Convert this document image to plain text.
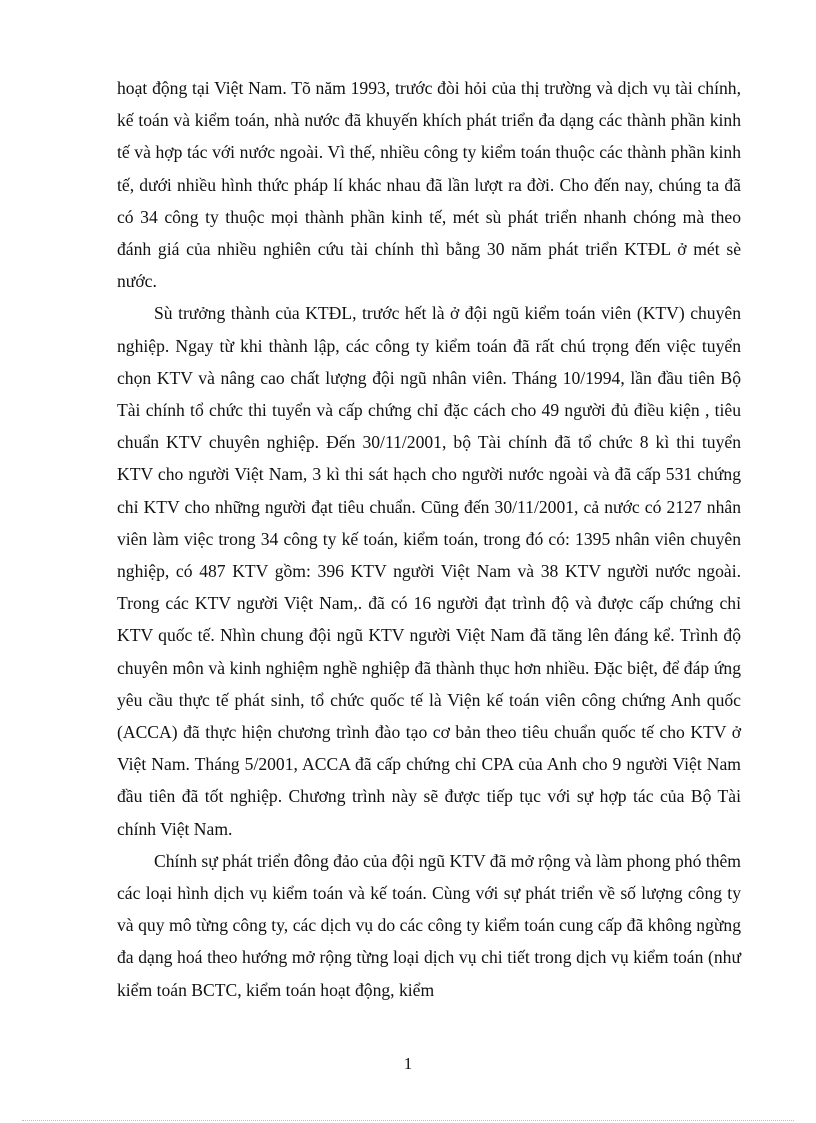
hoạt động tại Việt Nam. Tõ năm 1993, trước đòi hỏi của thị trường và dịch vụ tài chính, kế toán và kiểm toán, nhà nước đã khuyến khích phát triển đa dạng các thành phần kinh tế và hợp tác với nước ngoài. Vì thế, nhiều công ty kiểm toán thuộc các thành phần kinh tế, dưới nhiều hình thức pháp lí khác nhau đã lần lượt ra đời. Cho đến nay, chúng ta đã có 34 công ty thuộc mọi thành phần kinh tế, mét sù phát triển nhanh chóng mà theo đánh giá của nhiều nghiên cứu tài chính thì bằng 30 năm phát triển KTĐL ở mét sè nước.

Sù trưởng thành của KTĐL, trước hết là ở đội ngũ kiểm toán viên (KTV) chuyên nghiệp. Ngay từ khi thành lập, các công ty kiểm toán đã rất chú trọng đến việc tuyển chọn KTV và nâng cao chất lượng đội ngũ nhân viên. Tháng 10/1994, lần đầu tiên Bộ Tài chính tổ chức thi tuyển và cấp chứng chỉ đặc cách cho 49 người đủ điều kiện , tiêu chuẩn KTV chuyên nghiệp. Đến 30/11/2001, bộ Tài chính đã tổ chức 8 kì thi tuyển KTV cho người Việt Nam, 3 kì thi sát hạch cho người nước ngoài và đã cấp 531 chứng chỉ KTV cho những người đạt tiêu chuẩn. Cũng đến 30/11/2001, cả nước có 2127 nhân viên làm việc trong 34 công ty kế toán, kiểm toán, trong đó có: 1395 nhân viên chuyên nghiệp, có 487 KTV gồm: 396 KTV người Việt Nam và 38 KTV người nước ngoài. Trong các KTV người Việt Nam,. đã có 16 người đạt trình độ và được cấp chứng chỉ KTV quốc tế. Nhìn chung đội ngũ KTV người Việt Nam đã tăng lên đáng kể. Trình độ chuyên môn và kinh nghiệm nghề nghiệp đã thành thục hơn nhiều. Đặc biệt, để đáp ứng yêu cầu thực tế phát sinh, tổ chức quốc tế là Viện kế toán viên công chứng Anh quốc (ACCA) đã thực hiện chương trình đào tạo cơ bản theo tiêu chuẩn quốc tế cho KTV ở Việt Nam. Tháng 5/2001, ACCA đã cấp chứng chỉ CPA của Anh cho 9 người Việt Nam đầu tiên đã tốt nghiệp. Chương trình này sẽ được tiếp tục với sự hợp tác của Bộ Tài chính Việt Nam.

Chính sự phát triển đông đảo của đội ngũ KTV đã mở rộng và làm phong phó thêm các loại hình dịch vụ kiểm toán và kế toán. Cùng với sự phát triển về số lượng công ty và quy mô từng công ty, các dịch vụ do các công ty kiểm toán cung cấp đã không ngừng đa dạng hoá theo hướng mở rộng từng loại dịch vụ chi tiết trong dịch vụ kiểm toán (như kiểm toán BCTC, kiểm toán hoạt động, kiểm

1
